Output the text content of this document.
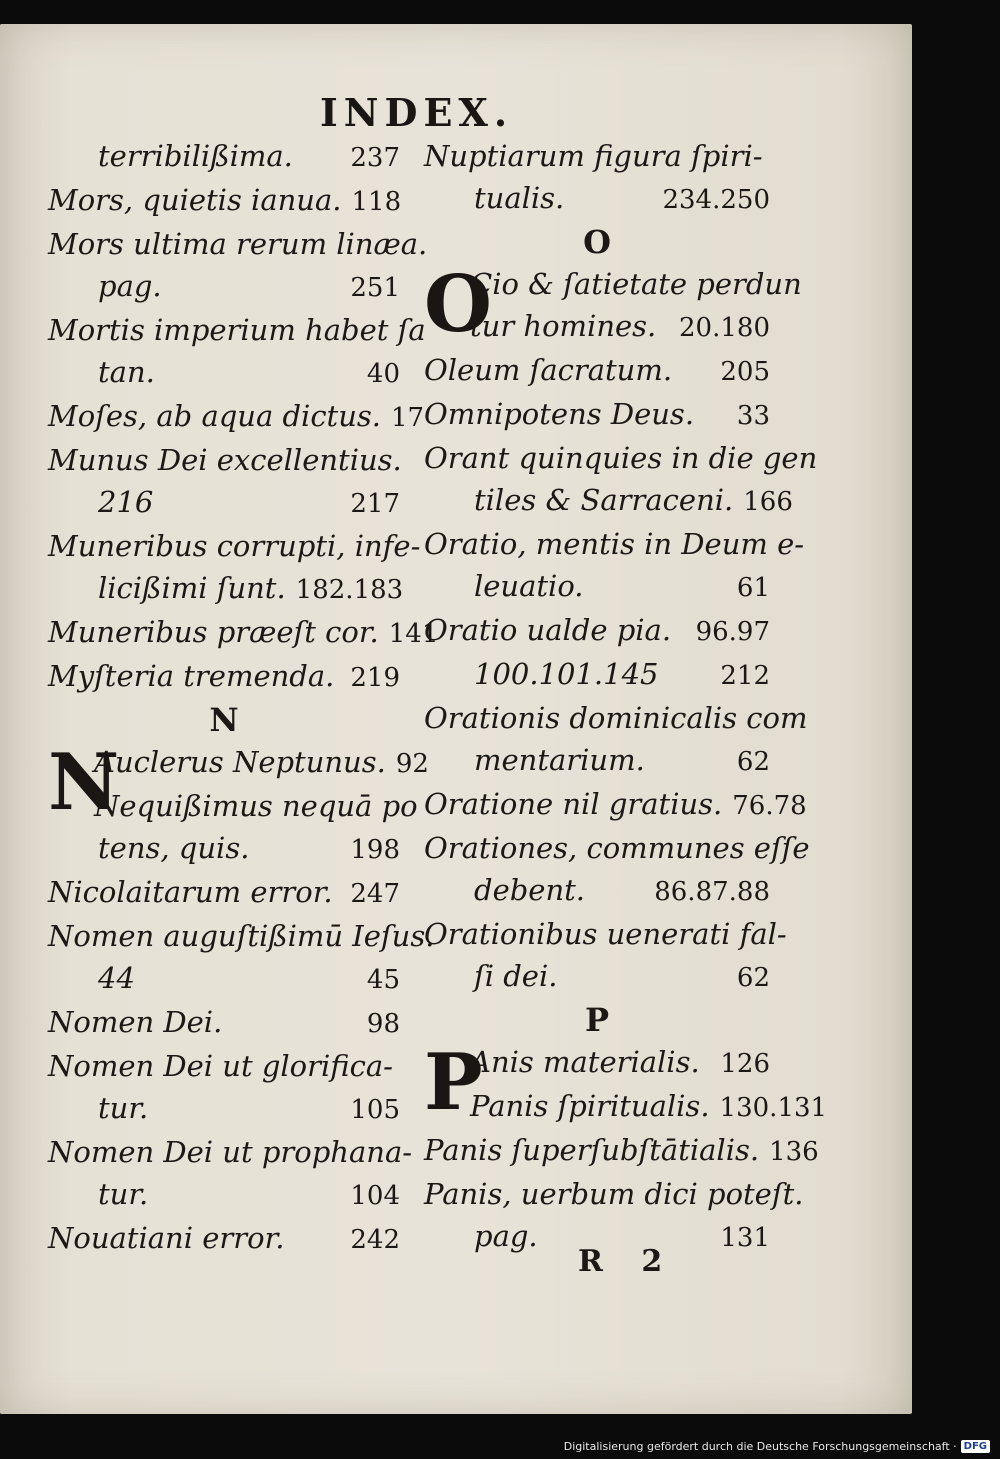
INDEX.
terribilißima. 237
Mors, quietis ianua. 118
Mors ultima rerum linæa.
pag.	251
Mortis imperium habet ſa
tan.	40
Moſes, ab aqua dictus. 17
Munus Dei excellentius.
216	217
Muneribus corrupti, infe-
licißimi ſunt. 182.183
Muneribus præeſt cor. 141
Myſteria tremenda. 219
N
N
Auclerus Neptunus. 92
Nequißimus nequā po
tens, quis.	198
Nicolaitarum error. 247
Nomen auguſtißimū Ieſus.
44	45
Nomen Dei.	98
Nomen Dei ut glorifica-
tur.	105
Nomen Dei ut prophana-
tur.	104
Nouatiani error.	242
Nuptiarum figura ſpiri-
tualis.	234.250
O
O
Cio & ſatietate perdun
tur homines. 20.180
Oleum ſacratum. 205
Omnipotens Deus. 33
Orant quinquies in die gen
tiles & Sarraceni. 166
Oratio, mentis in Deum e-
leuatio.	61
Oratio ualde pia. 96.97
100.101.145 212
Orationis dominicalis com
mentarium.	62
Oratione nil gratius. 76.78
Orationes, communes eſſe
debent.	86.87.88
Orationibus uenerati fal-
ſi dei.	62
P
P
Anis materialis. 126
Panis ſpiritualis. 130.131
Panis ſuperſubſtātialis. 136
Panis, uerbum dici poteſt.
pag.	131
R 2
Digitalisierung gefördert durch die Deutsche Forschungsgemeinschaft · DFG
